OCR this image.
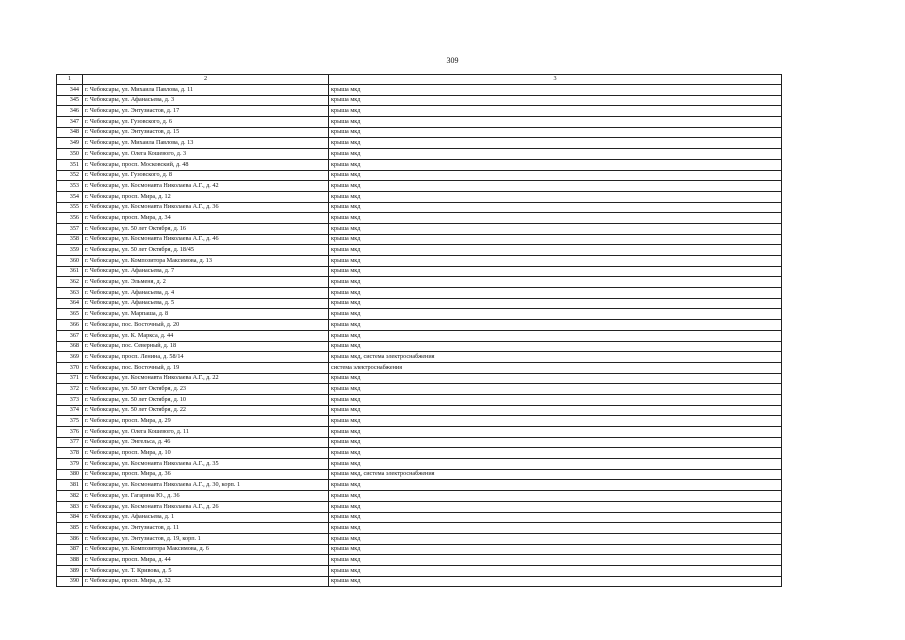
309
1	2	3
344	г. Чебоксары, ул. Михаила Павлова, д. 11	крыша мкд
345	г. Чебоксары, ул. Афанасьева, д. 3	крыша мкд
346	г. Чебоксары, ул. Энтузиастов, д. 17	крыша мкд
347	г. Чебоксары, ул. Гузовского, д. 6	крыша мкд
348	г. Чебоксары, ул. Энтузиастов, д. 15	крыша мкд
349	г. Чебоксары, ул. Михаила Павлова, д. 13	крыша мкд
350	г. Чебоксары, ул. Олега Кошевого, д. 3	крыша мкд
351	г. Чебоксары, просп. Московский, д. 48	крыша мкд
352	г. Чебоксары, ул. Гузовского, д. 8	крыша мкд
353	г. Чебоксары, ул. Космонавта Николаева А.Г., д. 42	крыша мкд
354	г. Чебоксары, просп. Мира, д. 12	крыша мкд
355	г. Чебоксары, ул. Космонавта Николаева А.Г., д. 36	крыша мкд
356	г. Чебоксары, просп. Мира, д. 34	крыша мкд
357	г. Чебоксары, ул. 50 лет Октября, д. 16	крыша мкд
358	г. Чебоксары, ул. Космонавта Николаева А.Г., д. 46	крыша мкд
359	г. Чебоксары, ул. 50 лет Октября, д. 18/45	крыша мкд
360	г. Чебоксары, ул. Композитора Максимова, д. 13	крыша мкд
361	г. Чебоксары, ул. Афанасьева, д. 7	крыша мкд
362	г. Чебоксары, ул. Эльменя, д. 2	крыша мкд
363	г. Чебоксары, ул. Афанасьева, д. 4	крыша мкд
364	г. Чебоксары, ул. Афанасьева, д. 5	крыша мкд
365	г. Чебоксары, ул. Марпаша, д. 8	крыша мкд
366	г. Чебоксары, пос. Восточный, д. 20	крыша мкд
367	г. Чебоксары, ул. К. Маркса, д. 44	крыша мкд
368	г. Чебоксары, пос. Северный, д. 18	крыша мкд
369	г. Чебоксары, просп. Ленина, д. 58/14	крыша мкд, система электроснабжения
370	г. Чебоксары, пос. Восточный, д. 19	система электроснабжения
371	г. Чебоксары, ул. Космонавта Николаева А.Г., д. 22	крыша мкд
372	г. Чебоксары, ул. 50 лет Октября, д. 23	крыша мкд
373	г. Чебоксары, ул. 50 лет Октября, д. 10	крыша мкд
374	г. Чебоксары, ул. 50 лет Октября, д. 22	крыша мкд
375	г. Чебоксары, просп. Мира, д. 29	крыша мкд
376	г. Чебоксары, ул. Олега Кошевого, д. 11	крыша мкд
377	г. Чебоксары, ул. Энгельса, д. 46	крыша мкд
378	г. Чебоксары, просп. Мира, д. 10	крыша мкд
379	г. Чебоксары, ул. Космонавта Николаева А.Г., д. 35	крыша мкд
380	г. Чебоксары, просп. Мира, д. 36	крыша мкд, система электроснабжения
381	г. Чебоксары, ул. Космонавта Николаева А.Г., д. 30, корп. 1	крыша мкд
382	г. Чебоксары, ул. Гагарина Ю., д. 36	крыша мкд
383	г. Чебоксары, ул. Космонавта Николаева А.Г., д. 26	крыша мкд
384	г. Чебоксары, ул. Афанасьева, д. 1	крыша мкд
385	г. Чебоксары, ул. Энтузиастов, д. 11	крыша мкд
386	г. Чебоксары, ул. Энтузиастов, д. 19, корп. 1	крыша мкд
387	г. Чебоксары, ул. Композитора Максимова, д. 6	крыша мкд
388	г. Чебоксары, просп. Мира, д. 44	крыша мкд
389	г. Чебоксары, ул. Т. Кривова, д. 5	крыша мкд
390	г. Чебоксары, просп. Мира, д. 32	крыша мкд
